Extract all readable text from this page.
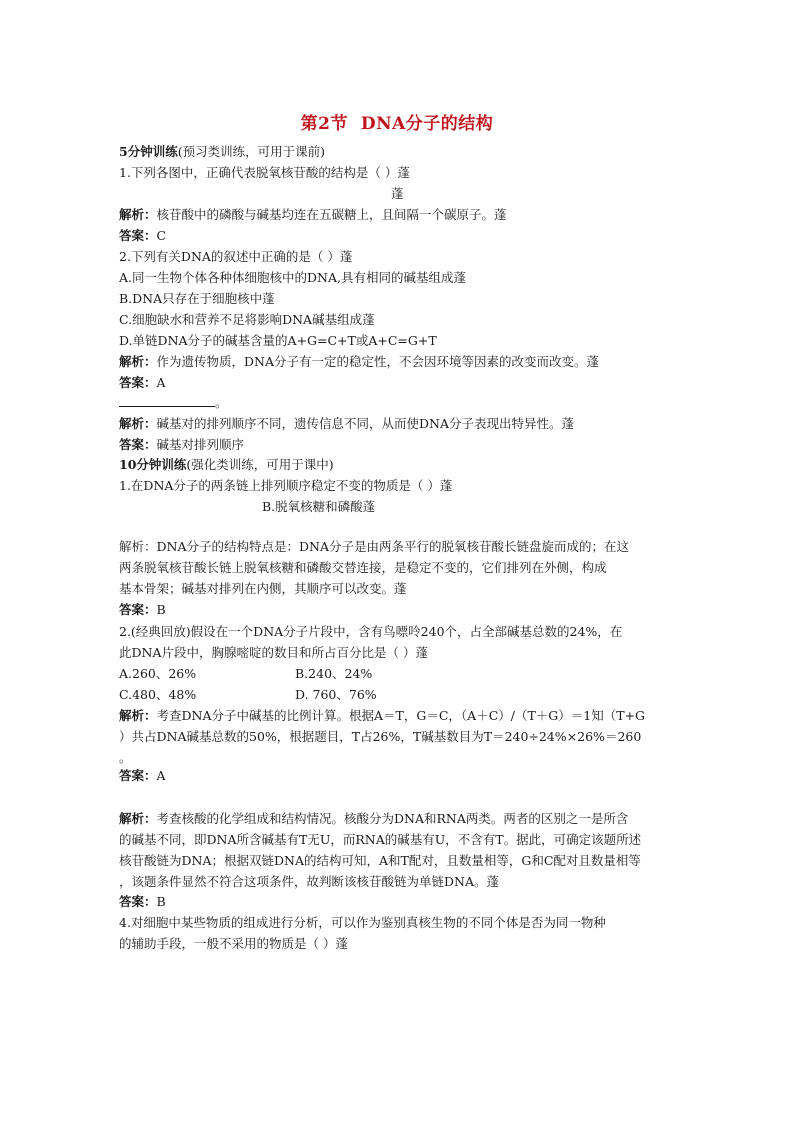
第2节  DNA分子的结构
5分钟训练(预习类训练，可用于课前)
1.下列各图中，正确代表脱氧核苷酸的结构是（ ）蓬
蓬
解析：核苷酸中的磷酸与碱基均连在五碳糖上，且间隔一个碳原子。蓬
答案：C
2.下列有关DNA的叙述中正确的是（ ）蓬
A.同一生物个体各种体细胞核中的DNA,具有相同的碱基组成蓬
B.DNA只存在于细胞核中蓬
C.细胞缺水和营养不足将影响DNA碱基组成蓬
D.单链DNA分子的碱基含量的A+G=C+T或A+C=G+T
解析：作为遗传物质，DNA分子有一定的稳定性，不会因环境等因素的改变而改变。蓬
答案：A
。
解析：碱基对的排列顺序不同，遗传信息不同，从而使DNA分子表现出特异性。蓬
答案：碱基对排列顺序
10分钟训练(强化类训练，可用于课中)
1.在DNA分子的两条链上排列顺序稳定不变的物质是（ ）蓬
B.脱氧核糖和磷酸蓬
解析：DNA分子的结构特点是：DNA分子是由两条平行的脱氧核苷酸长链盘旋而成的；在这
两条脱氧核苷酸长链上脱氧核糖和磷酸交替连接，是稳定不变的，它们排列在外侧，构成
基本骨架；碱基对排列在内侧，其顺序可以改变。蓬
答案：B
2.(经典回放)假设在一个DNA分子片段中，含有鸟嘌呤240个，占全部碱基总数的24%，在
此DNA片段中，胸腺嘧啶的数目和所占百分比是（ ）蓬
A.260、26%	B.240、24%
C.480、48%	D. 760、76%
解析：考查DNA分子中碱基的比例计算。根据A＝T，G＝C，（A＋C）/（T＋G）＝1知（T+G
）共占DNA碱基总数的50%，根据题目，T占26%，T碱基数目为T＝240÷24%×26%＝260
。
答案：A
解析：考查核酸的化学组成和结构情况。核酸分为DNA和RNA两类。两者的区别之一是所含
的碱基不同，即DNA所含碱基有T无U，而RNA的碱基有U，不含有T。据此，可确定该题所述
核苷酸链为DNA；根据双链DNA的结构可知，A和T配对，且数量相等，G和C配对且数量相等
，该题条件显然不符合这项条件，故判断该核苷酸链为单链DNA。蓬
答案：B
4.对细胞中某些物质的组成进行分析，可以作为鉴别真核生物的不同个体是否为同一物种
的辅助手段，一般不采用的物质是（ ）蓬
